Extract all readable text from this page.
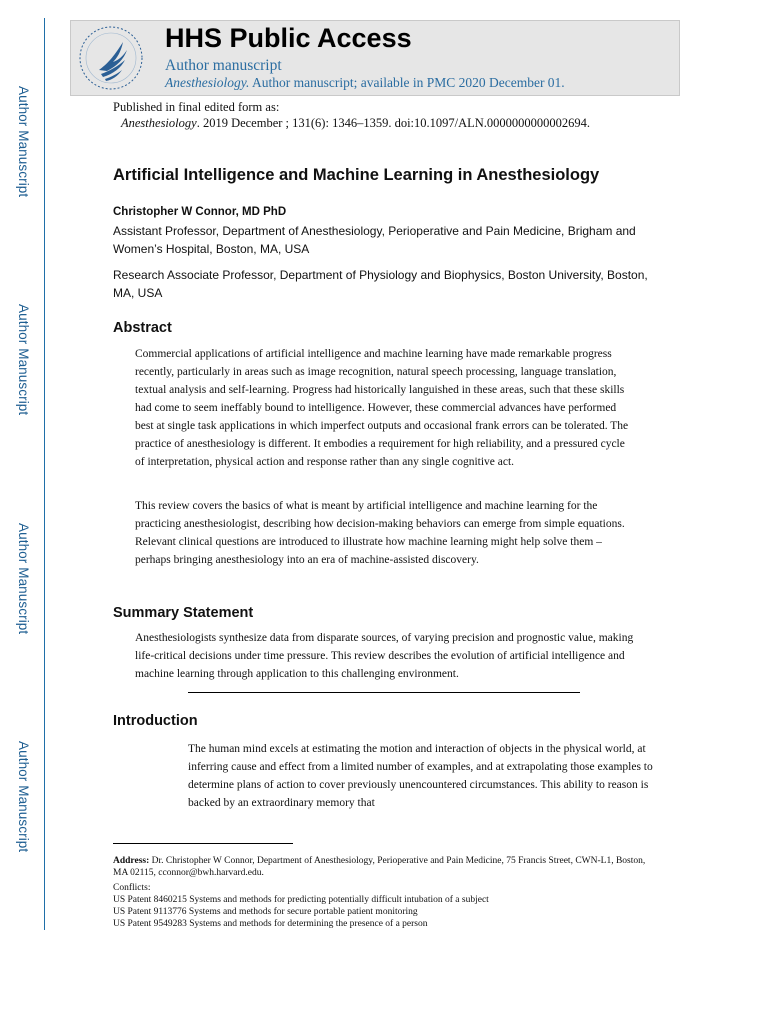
Author Manuscript
Author Manuscript
Author Manuscript
Author Manuscript
HHS Public Access
Author manuscript
Anesthesiology. Author manuscript; available in PMC 2020 December 01.
Published in final edited form as:
Anesthesiology. 2019 December ; 131(6): 1346–1359. doi:10.1097/ALN.0000000000002694.
Artificial Intelligence and Machine Learning in Anesthesiology
Christopher W Connor, MD PhD
Assistant Professor, Department of Anesthesiology, Perioperative and Pain Medicine, Brigham and Women’s Hospital, Boston, MA, USA
Research Associate Professor, Department of Physiology and Biophysics, Boston University, Boston, MA, USA
Abstract

Commercial applications of artificial intelligence and machine learning have made remarkable progress recently, particularly in areas such as image recognition, natural speech processing, language translation, textual analysis and self-learning. Progress had historically languished in these areas, such that these skills had come to seem ineffably bound to intelligence. However, these commercial advances have performed best at single task applications in which imperfect outputs and occasional frank errors can be tolerated. The practice of anesthesiology is different. It embodies a requirement for high reliability, and a pressured cycle of interpretation, physical action and response rather than any single cognitive act.

This review covers the basics of what is meant by artificial intelligence and machine learning for the practicing anesthesiologist, describing how decision-making behaviors can emerge from simple equations. Relevant clinical questions are introduced to illustrate how machine learning might help solve them – perhaps bringing anesthesiology into an era of machine-assisted discovery.

Summary Statement

Anesthesiologists synthesize data from disparate sources, of varying precision and prognostic value, making life-critical decisions under time pressure. This review describes the evolution of artificial intelligence and machine learning through application to this challenging environment.

Introduction

The human mind excels at estimating the motion and interaction of objects in the physical world, at inferring cause and effect from a limited number of examples, and at extrapolating those examples to determine plans of action to cover previously unencountered circumstances. This ability to reason is backed by an extraordinary memory that

Address: Dr. Christopher W Connor, Department of Anesthesiology, Perioperative and Pain Medicine, 75 Francis Street, CWN-L1, Boston, MA 02115, cconnor@bwh.harvard.edu.
Conflicts:
US Patent 8460215 Systems and methods for predicting potentially difficult intubation of a subject
US Patent 9113776 Systems and methods for secure portable patient monitoring
US Patent 9549283 Systems and methods for determining the presence of a person
